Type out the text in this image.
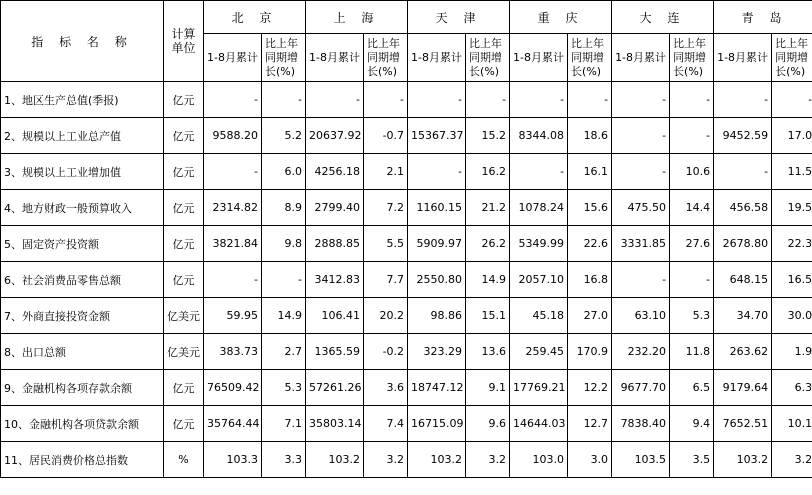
指 标 名 称	计算单位	北 京		上 海		天 津		重 庆		大 连		青 岛	
		1-8月累计	比上年同期增长(%)	1-8月累计	比上年同期增长(%)	1-8月累计	比上年同期增长(%)	1-8月累计	比上年同期增长(%)	1-8月累计	比上年同期增长(%)	1-8月累计	比上年同期增长(%)
1、地区生产总值(季报)	亿元	-	-	-	-	-	-	-	-	-	-	-	-
2、规模以上工业总产值	亿元	9588.20	5.2	20637.92	-0.7	15367.37	15.2	8344.08	18.6	-	-	9452.59	17.0
3、规模以上工业增加值	亿元	-	6.0	4256.18	2.1	-	16.2	-	16.1	-	10.6	-	11.5
4、地方财政一般预算收入	亿元	2314.82	8.9	2799.40	7.2	1160.15	21.2	1078.24	15.6	475.50	14.4	456.58	19.5
5、固定资产投资额	亿元	3821.84	9.8	2888.85	5.5	5909.97	26.2	5349.99	22.6	3331.85	27.6	2678.80	22.3
6、社会消费品零售总额	亿元	-	-	3412.83	7.7	2550.80	14.9	2057.10	16.8	-	-	648.15	16.5
7、外商直接投资金额	亿美元	59.95	14.9	106.41	20.2	98.86	15.1	45.18	27.0	63.10	5.3	34.70	30.0
8、出口总额	亿美元	383.73	2.7	1365.59	-0.2	323.29	13.6	259.45	170.9	232.20	11.8	263.62	1.9
9、金融机构各项存款余额	亿元	76509.42	5.3	57261.26	3.6	18747.12	9.1	17769.21	12.2	9677.70	6.5	9179.64	6.3
10、金融机构各项贷款余额	亿元	35764.44	7.1	35803.14	7.4	16715.09	9.6	14644.03	12.7	7838.40	9.4	7652.51	10.1
11、居民消费价格总指数	%	103.3	3.3	103.2	3.2	103.2	3.2	103.0	3.0	103.5	3.5	103.2	3.2
